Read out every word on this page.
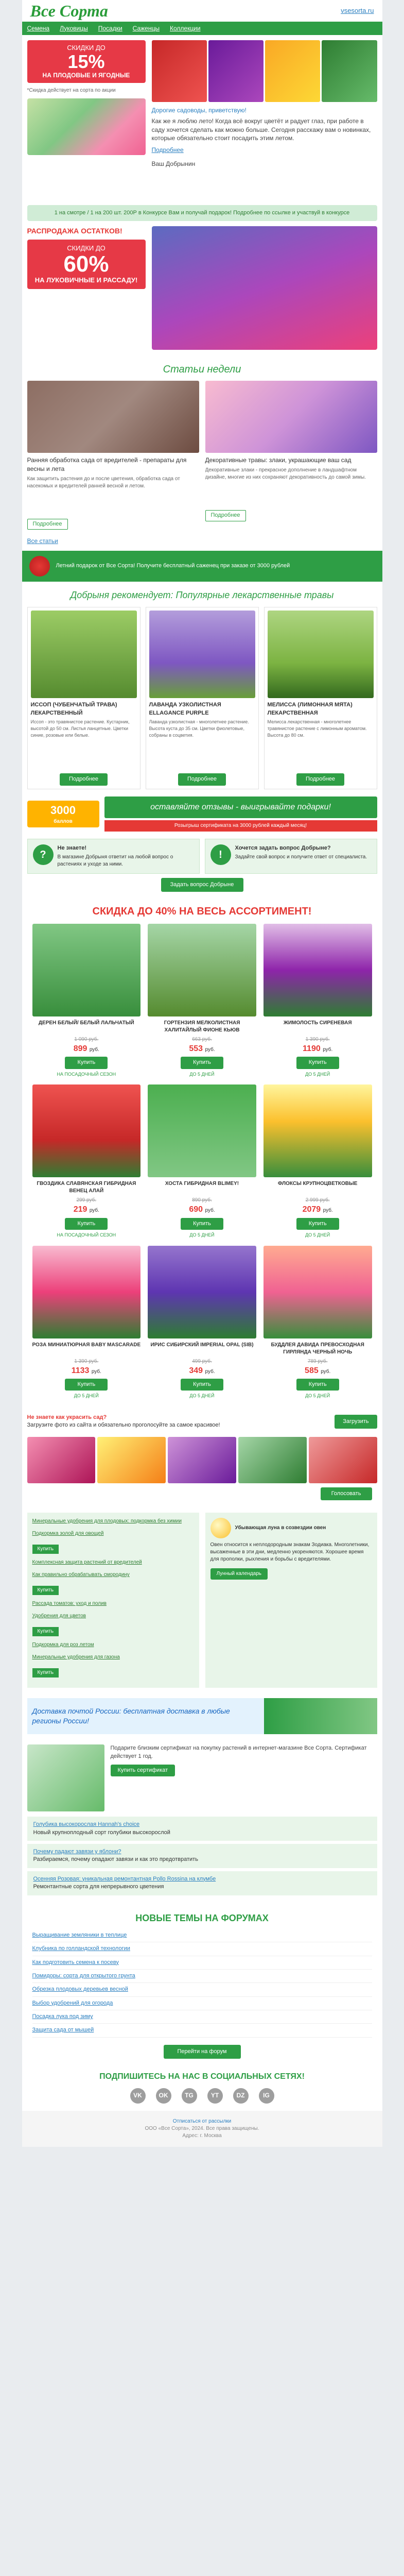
Все Сорта	vsesorta.ru
Семена Луковицы Посадки Саженцы Коллекции
СКИДКИ ДО
15%
НА ПЛОДОВЫЕ И ЯГОДНЫЕ
*Скидка действует на сорта по акции
Дорогие садоводы, приветствую!
Как же я люблю лето! Когда всё вокруг цветёт и радует глаз, при работе в саду хочется сделать как можно больше. Сегодня расскажу вам о новинках, которые обязательно стоит посадить этим летом.
Подробнее
Ваш Добрынин
1 на смотре / 1 на 200 шт. 200Р в Конкурсе Вам и получай подарок! Подробнее по ссылке и участвуй в конкурсе
РАСПРОДАЖА ОСТАТКОВ!
СКИДКИ ДО
60%
НА ЛУКОВИЧНЫЕ И РАССАДУ!
Статьи недели
Ранняя обработка сада от вредителей - препараты для весны и лета
Как защитить растения до и после цветения, обработка сада от насекомых и вредителей ранней весной и летом.
Подробнее
Декоративные травы: злаки, украшающие ваш сад
Декоративные злаки - прекрасное дополнение в ландшафтном дизайне, многие из них сохраняют декоративность до самой зимы.
Подробнее
Все статьи
Летний подарок от Все Сорта! Получите бесплатный саженец при заказе от 3000 рублей
Добрыня рекомендует: Популярные лекарственные травы
ИССОП (ЧУБЕНЧАТЫЙ ТРАВА) ЛЕКАРСТВЕННЫЙ
Иссоп - это травянистое растение. Кустарник, высотой до 50 см. Листья ланцетные. Цветки синие, розовые или белые.
Подробнее
ЛАВАНДА УЗКОЛИСТНАЯ ELLAGANCE PURPLE
Лаванда узколистная - многолетнее растение. Высота куста до 35 см. Цветки фиолетовые, собраны в соцветия.
Подробнее
МЕЛИССА (ЛИМОННАЯ МЯТА) ЛЕКАРСТВЕННАЯ
Мелисса лекарственная - многолетнее травянистое растение с лимонным ароматом. Высота до 80 см.
Подробнее
3000
баллов
оставляйте отзывы - выигрывайте подарки!
Розыгрыш сертификата на 3000 рублей каждый месяц!
?
Не знаете!
В магазине Добрыня ответит на любой вопрос о растениях и уходе за ними.
!
Хочется задать вопрос Добрыне?
Задайте свой вопрос и получите ответ от специалиста.
Задать вопрос Добрыне
СКИДКА ДО 40% НА ВЕСЬ АССОРТИМЕНТ!
ДЕРЕН БЕЛЫЙ/ БЕЛЫЙ ЛАЛЬЧАТЫЙ
1 090 руб.
899 руб.
Купить
НА ПОСАДОЧНЫЙ СЕЗОН
ГОРТЕНЗИЯ МЕЛКОЛИСТНАЯ ХАЛИТАЙЛЫЙ ФИОНЕ КЬЮВ
663 руб.
553 руб.
Купить
ДО 5 ДНЕЙ
ЖИМОЛОСТЬ СИРЕНЕВАЯ
1 390 руб.
1190 руб.
Купить
ДО 5 ДНЕЙ
ГВОЗДИКА СЛАВЯНСКАЯ ГИБРИДНАЯ ВЕНЕЦ АЛАЙ
299 руб.
219 руб.
Купить
НА ПОСАДОЧНЫЙ СЕЗОН
ХОСТА ГИБРИДНАЯ BLIMEY!
890 руб.
690 руб.
Купить
ДО 5 ДНЕЙ
ФЛОКСЫ КРУПНОЦВЕТКОВЫЕ
2 999 руб.
2079 руб.
Купить
ДО 5 ДНЕЙ
РОЗА МИНИАТЮРНАЯ BABY MASCARADE
1 390 руб.
1133 руб.
Купить
ДО 5 ДНЕЙ
ИРИС СИБИРСКИЙ IMPERIAL OPAL (SIB)
499 руб.
349 руб.
Купить
ДО 5 ДНЕЙ
БУДДЛЕЯ ДАВИДА ПРЕВОСХОДНАЯ ГИРЛЯНДА ЧЕРНЫЙ НОЧЬ
789 руб.
585 руб.
Купить
ДО 5 ДНЕЙ
Не знаете как украсить сад?
Загрузите фото из сайта и обязательно проголосуйте за самое красивое!
Загрузить
Голосовать
Минеральные удобрения для плодовых: подкормка без химии
Подкормка золой для овощей
Купить
Комплексная защита растений от вредителей
Как правильно обрабатывать смородину
Купить
Рассада томатов: уход и полив
Удобрения для цветов
Купить
Подкормка для роз летом
Минеральные удобрения для газона
Купить
Убывающая луна в созвездии овен
Овен относится к неплодородным знакам Зодиака. Многолетники, высаженные в эти дни, медленно укореняются. Хорошее время для прополки, рыхления и борьбы с вредителями.
Лунный календарь
Доставка почтой России: бесплатная доставка в любые регионы России!
Подарите близким сертификат на покупку растений в интернет-магазине Все Сорта. Сертификат действует 1 год.
Купить сертификат
Голубика высокорослая Hannah's choice
Новый крупноплодный сорт голубики высокорослой
Почему падают завязи у яблони?
Разбираемся, почему опадают завязи и как это предотвратить
Осенняя Розовая: уникальная ремонтантная Pollo Rossina на клумбе
Ремонтантные сорта для непрерывного цветения
НОВЫЕ ТЕМЫ НА ФОРУМАХ
Выращивание земляники в теплице
Клубника по голландской технологии
Как подготовить семена к посеву
Помидоры: сорта для открытого грунта
Обрезка плодовых деревьев весной
Выбор удобрений для огорода
Посадка лука под зиму
Защита сада от мышей
Перейти на форум
ПОДПИШИТЕСЬ НА НАС В СОЦИАЛЬНЫХ СЕТЯХ!
VK	OK	TG	YT	DZ	IG
Отписаться от рассылки
ООО «Все Сорта», 2024. Все права защищены.
Адрес: г. Москва
